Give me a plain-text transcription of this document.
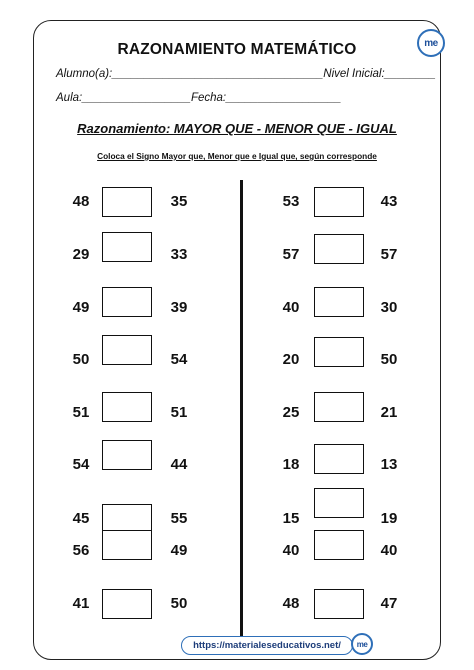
me
RAZONAMIENTO MATEMÁTICO
Alumno(a):_________________________________Nivel Inicial:________
Aula:_________________Fecha:__________________
Razonamiento: MAYOR QUE - MENOR QUE - IGUAL
Coloca el Signo Mayor que, Menor que e Igual que, según corresponde
48	35
29	33
49	39
50	54
51	51
54	44
45	55
56	49
41	50
53	43
57	57
40	30
20	50
25	21
18	13
15	19
40	40
48	47
https://materialeseducativos.net/	me
